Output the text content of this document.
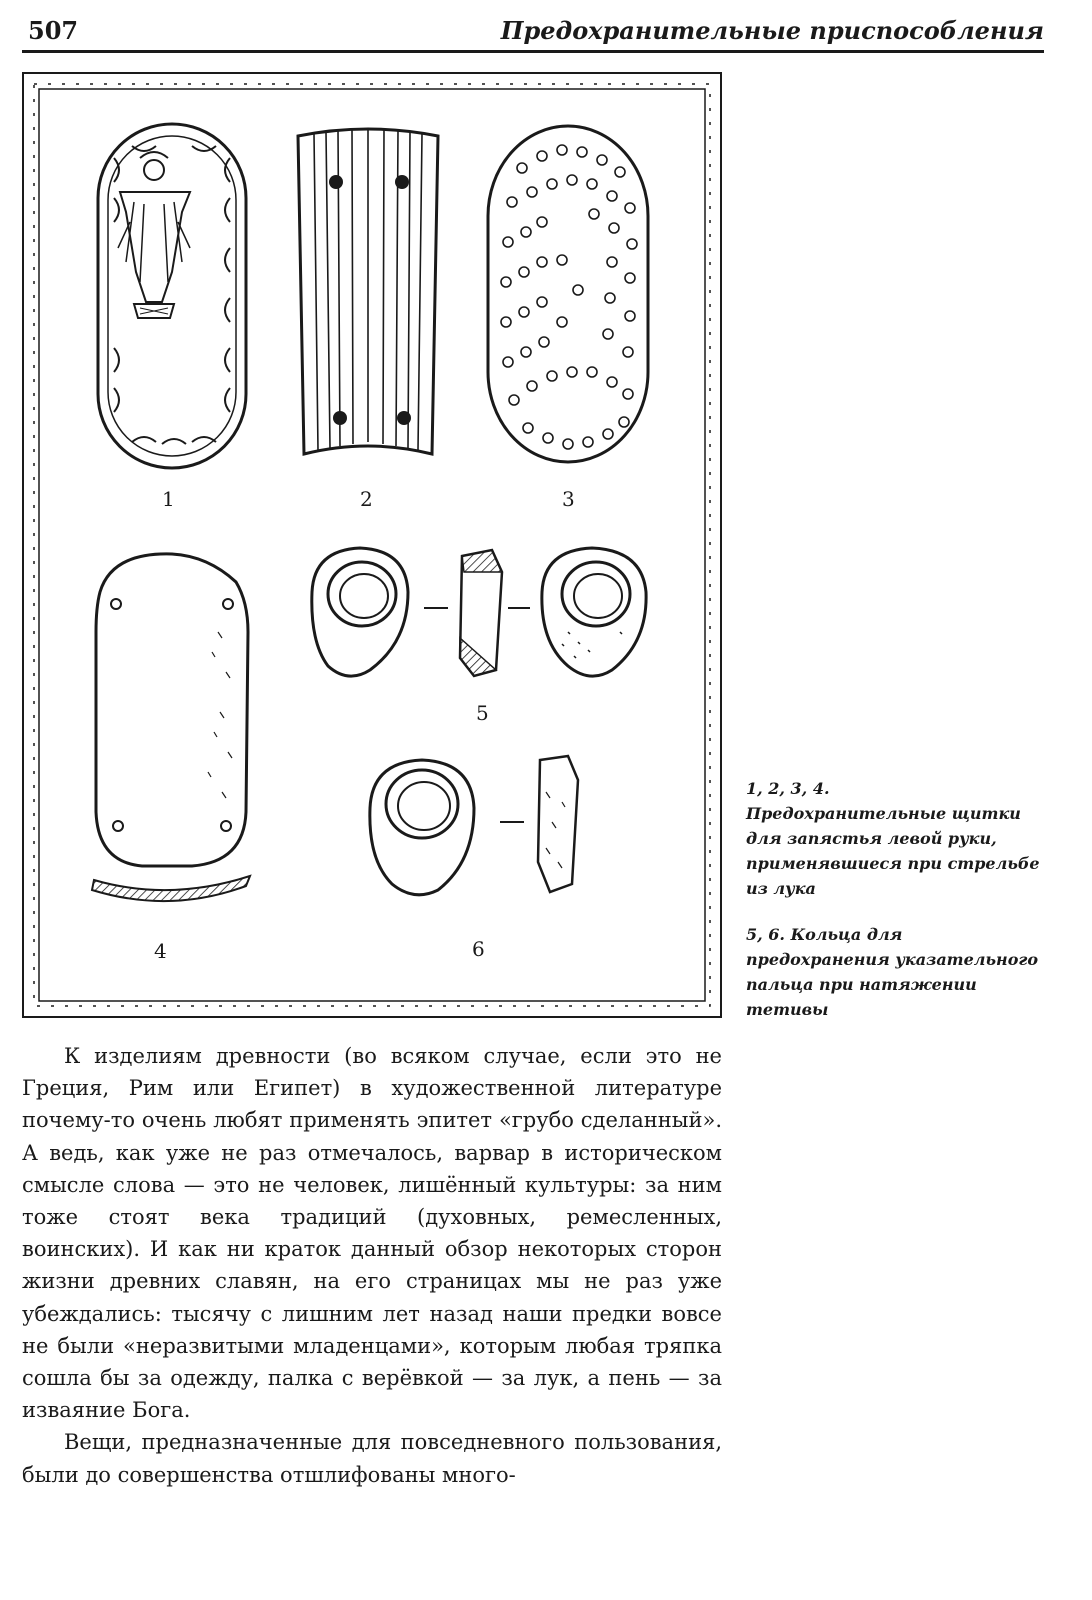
507	Предохранительные приспособления
1	2	3
4
5
6
1, 2, 3, 4.
Предохранительные щитки для запястья левой руки, применявшиеся при стрельбе из лука
5, 6. Кольца для предохранения указательного пальца при натяжении тетивы

К изделиям древности (во всяком случае, если это не Греция, Рим или Египет) в художественной литературе почему-то очень любят применять эпитет «грубо сделанный». А ведь, как уже не раз отмечалось, варвар в историческом смысле слова — это не человек, лишённый культуры: за ним тоже стоят века традиций (духовных, ремесленных, воинских). И как ни краток данный обзор некоторых сторон жизни древних славян, на его страницах мы не раз уже убеждались: тысячу с лишним лет назад наши предки вовсе не были «неразвитыми младенцами», которым любая тряпка сошла бы за одежду, палка с верёвкой — за лук, а пень — за изваяние Бога.

Вещи, предназначенные для повседневного пользования, были до совершенства отшлифованы много-
